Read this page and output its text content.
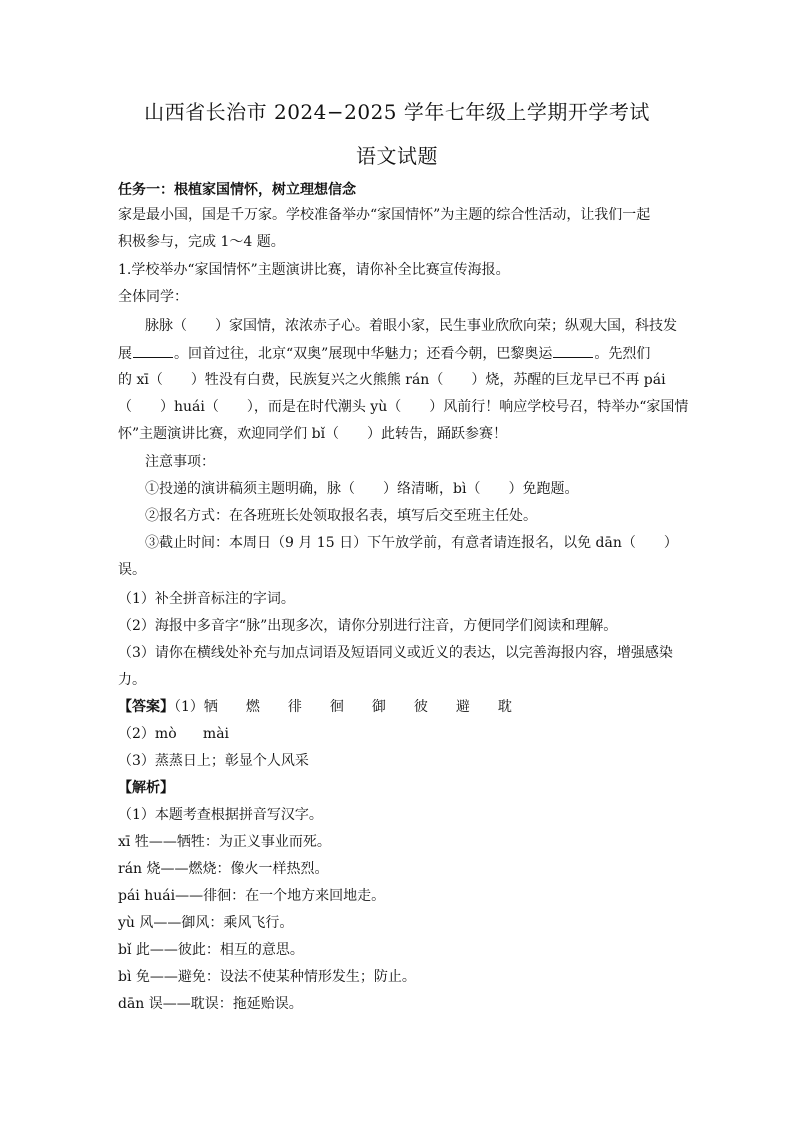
山西省长治市 2024−2025 学年七年级上学期开学考试
语文试题
任务一：根植家国情怀，树立理想信念
家是最小国，国是千万家。学校准备举办“家国情怀”为主题的综合性活动，让我们一起
积极参与，完成 1～4 题。
1.学校举办“家国情怀”主题演讲比赛，请你补全比赛宣传海报。
全体同学：
脉脉（　　）家国情，浓浓赤子心。着眼小家，民生事业欣欣向荣；纵观大国，科技发
展	。回首过往，北京“双奥”展现中华魅力；还看今朝，巴黎奥运	。先烈们
的 xī（　　）牲没有白费，民族复兴之火熊熊 rán（　　）烧，苏醒的巨龙早已不再 pái
（　　）huái（　　），而是在时代潮头 yù（　　）风前行！响应学校号召，特举办“家国情
怀”主题演讲比赛，欢迎同学们 bǐ（　　）此转告，踊跃参赛！
注意事项：
①投递的演讲稿须主题明确，脉（　　）络清晰，bì（　　）免跑题。
②报名方式：在各班班长处领取报名表，填写后交至班主任处。
③截止时间：本周日（9 月 15 日）下午放学前，有意者请连报名，以免 dān（　　）
误。
（1）补全拼音标注的字词。
（2）海报中多音字“脉”出现多次，请你分别进行注音，方便同学们阅读和理解。
（3）请你在横线处补充与加点词语及短语同义或近义的表达，以完善海报内容，增强感染
力。
【答案】（1）牺 燃 徘 徊 御 彼 避 耽
（2）mò mài
（3）蒸蒸日上；彰显个人风采
【解析】
（1）本题考查根据拼音写汉字。
xī 牲——牺牲：为正义事业而死。
rán 烧——燃烧：像火一样热烈。
pái huái——徘徊：在一个地方来回地走。
yù 风——御风：乘风飞行。
bǐ 此——彼此：相互的意思。
bì 免——避免：设法不使某种情形发生；防止。
dān 误——耽误：拖延贻误。
